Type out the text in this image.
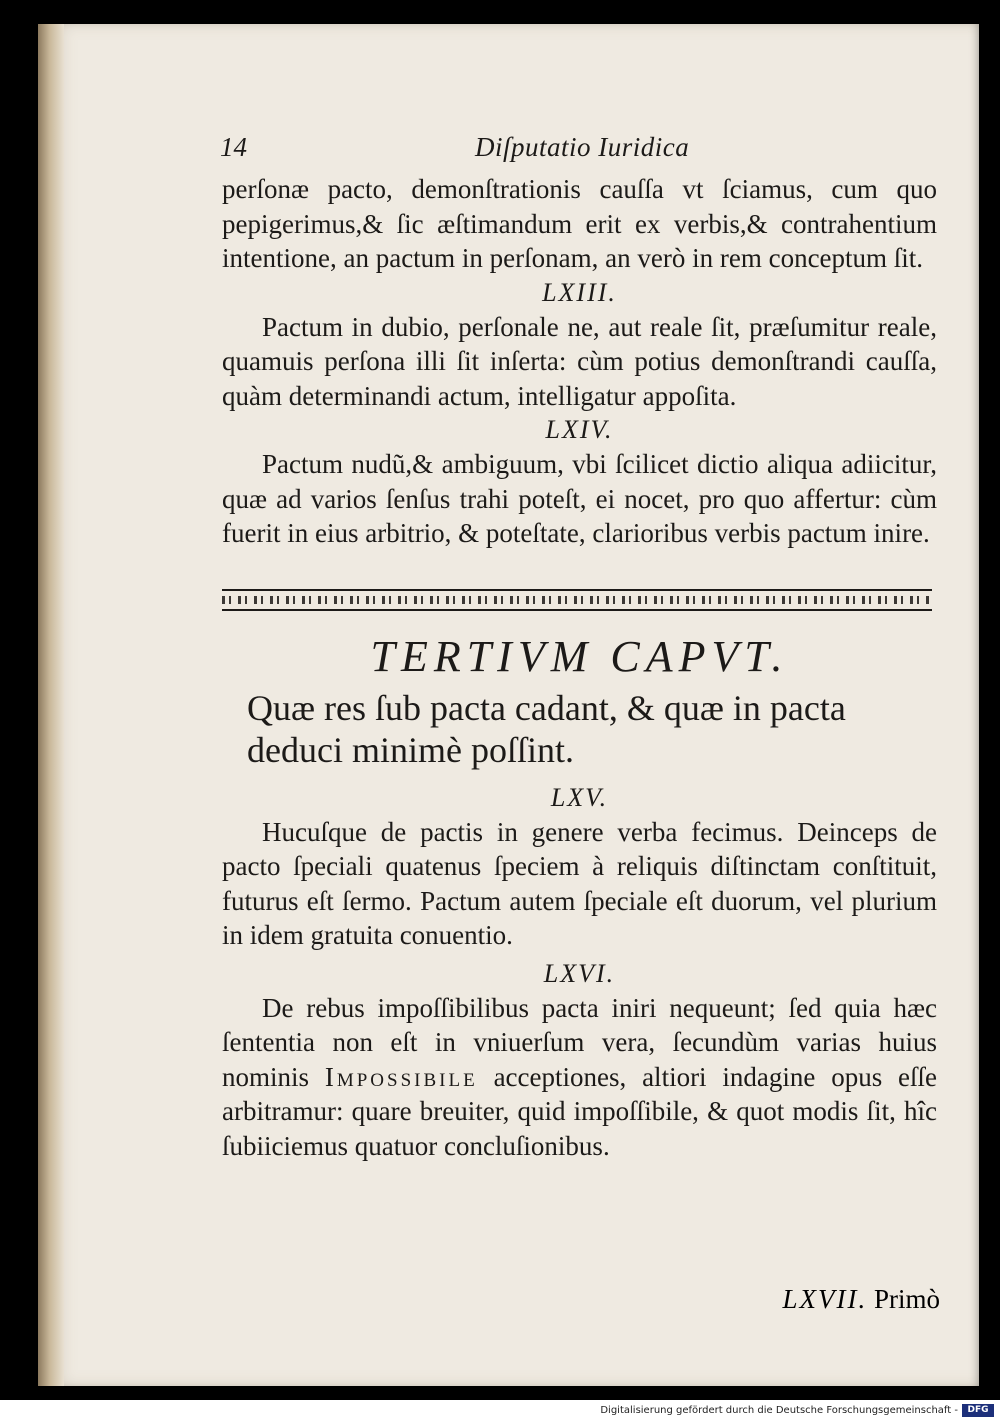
14	Diſputatio Iuridica

perſonæ pacto, demonſtrationis cauſſa vt ſciamus, cum quo pepigerimus,& ſic æſtimandum erit ex verbis,& contrahentium intentione, an pactum in perſonam, an verò in rem conceptum ſit.

LXIII.

Pactum in dubio, perſonale ne, aut reale ſit, præſumitur reale, quamuis perſona illi ſit inſerta: cùm potius demonſtrandi cauſſa, quàm determinandi actum, intelligatur appoſita.

LXIV.

Pactum nudũ,& ambiguum, vbi ſcilicet dictio aliqua adiicitur, quæ ad varios ſenſus trahi poteſt, ei nocet, pro quo affertur: cùm fuerit in eius arbitrio, & poteſtate, clarioribus verbis pactum inire.

TERTIVM CAPVT.
Quæ res ſub pacta cadant, & quæ in pacta deduci minimè poſſint.
LXV.

Hucuſque de pactis in genere verba fecimus. Deinceps de pacto ſpeciali quatenus ſpeciem à reliquis diſtinctam conſtituit, futurus eſt ſermo. Pactum autem ſpeciale eſt duorum, vel plurium in idem gratuita conuentio.

LXVI.

De rebus impoſſibilibus pacta iniri nequeunt; ſed quia hæc ſententia non eſt in vniuerſum vera, ſecundùm varias huius nominis Impossibile acceptiones, altiori indagine opus eſſe arbitramur: quare breuiter, quid impoſſibile, & quot modis ſit, hîc ſubiiciemus quatuor concluſionibus.

LXVII. Primò
Digitalisierung gefördert durch die Deutsche Forschungsgemeinschaft -	DFG
